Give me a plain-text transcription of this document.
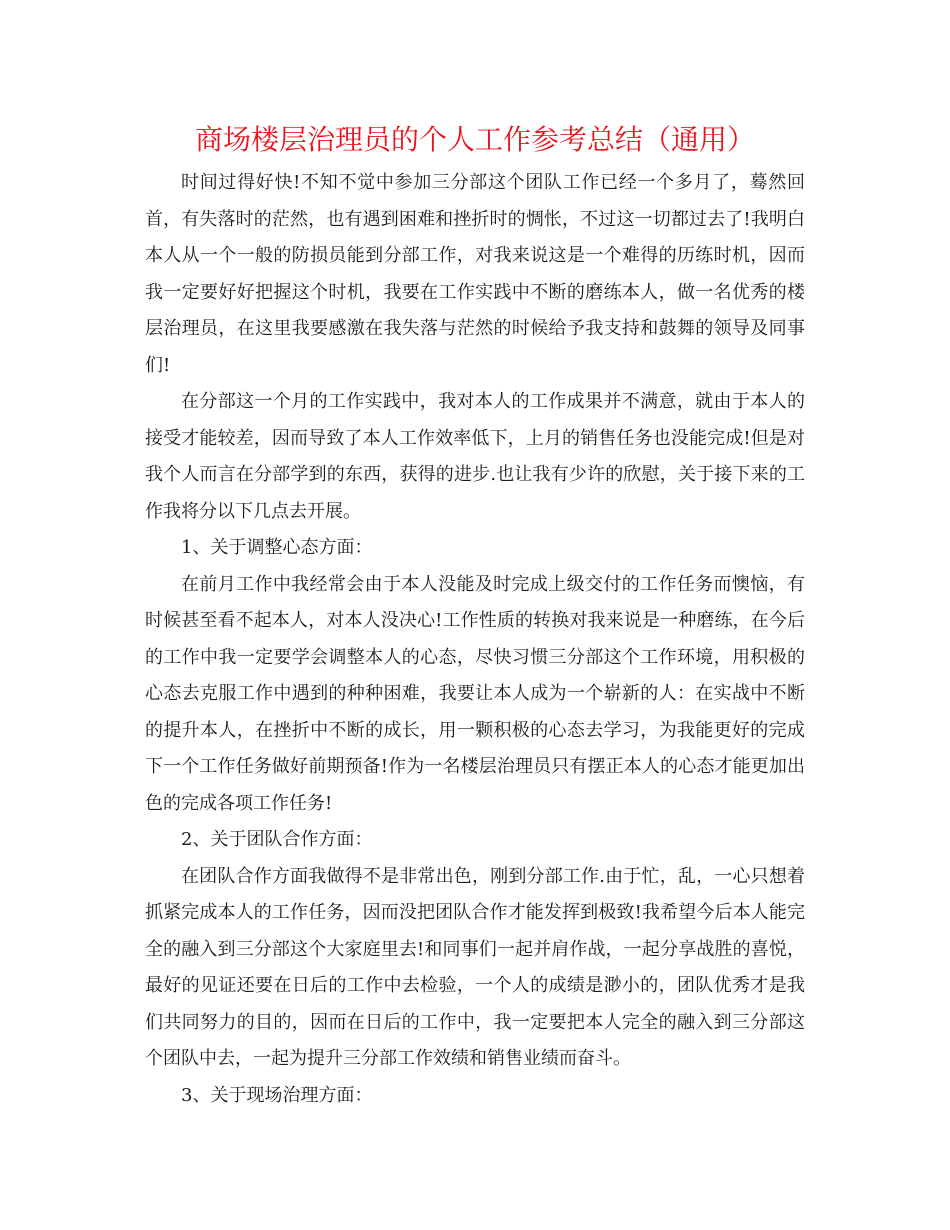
商场楼层治理员的个人工作参考总结（通用）

时间过得好快!不知不觉中参加三分部这个团队工作已经一个多月了，蓦然回首，有失落时的茫然，也有遇到困难和挫折时的惆怅，不过这一切都过去了!我明白本人从一个一般的防损员能到分部工作，对我来说这是一个难得的历练时机，因而我一定要好好把握这个时机，我要在工作实践中不断的磨练本人，做一名优秀的楼层治理员，在这里我要感激在我失落与茫然的时候给予我支持和鼓舞的领导及同事们!

在分部这一个月的工作实践中，我对本人的工作成果并不满意，就由于本人的接受才能较差，因而导致了本人工作效率低下，上月的销售任务也没能完成!但是对我个人而言在分部学到的东西，获得的进步.也让我有少许的欣慰，关于接下来的工作我将分以下几点去开展。

1、关于调整心态方面：

在前月工作中我经常会由于本人没能及时完成上级交付的工作任务而懊恼，有时候甚至看不起本人，对本人没决心!工作性质的转换对我来说是一种磨练，在今后的工作中我一定要学会调整本人的心态，尽快习惯三分部这个工作环境，用积极的心态去克服工作中遇到的种种困难，我要让本人成为一个崭新的人：在实战中不断的提升本人，在挫折中不断的成长，用一颗积极的心态去学习，为我能更好的完成下一个工作任务做好前期预备!作为一名楼层治理员只有摆正本人的心态才能更加出色的完成各项工作任务!

2、关于团队合作方面：

在团队合作方面我做得不是非常出色，刚到分部工作.由于忙，乱，一心只想着抓紧完成本人的工作任务，因而没把团队合作才能发挥到极致!我希望今后本人能完全的融入到三分部这个大家庭里去!和同事们一起并肩作战，一起分享战胜的喜悦，最好的见证还要在日后的工作中去检验，一个人的成绩是渺小的，团队优秀才是我们共同努力的目的，因而在日后的工作中，我一定要把本人完全的融入到三分部这个团队中去，一起为提升三分部工作效绩和销售业绩而奋斗。

3、关于现场治理方面：
